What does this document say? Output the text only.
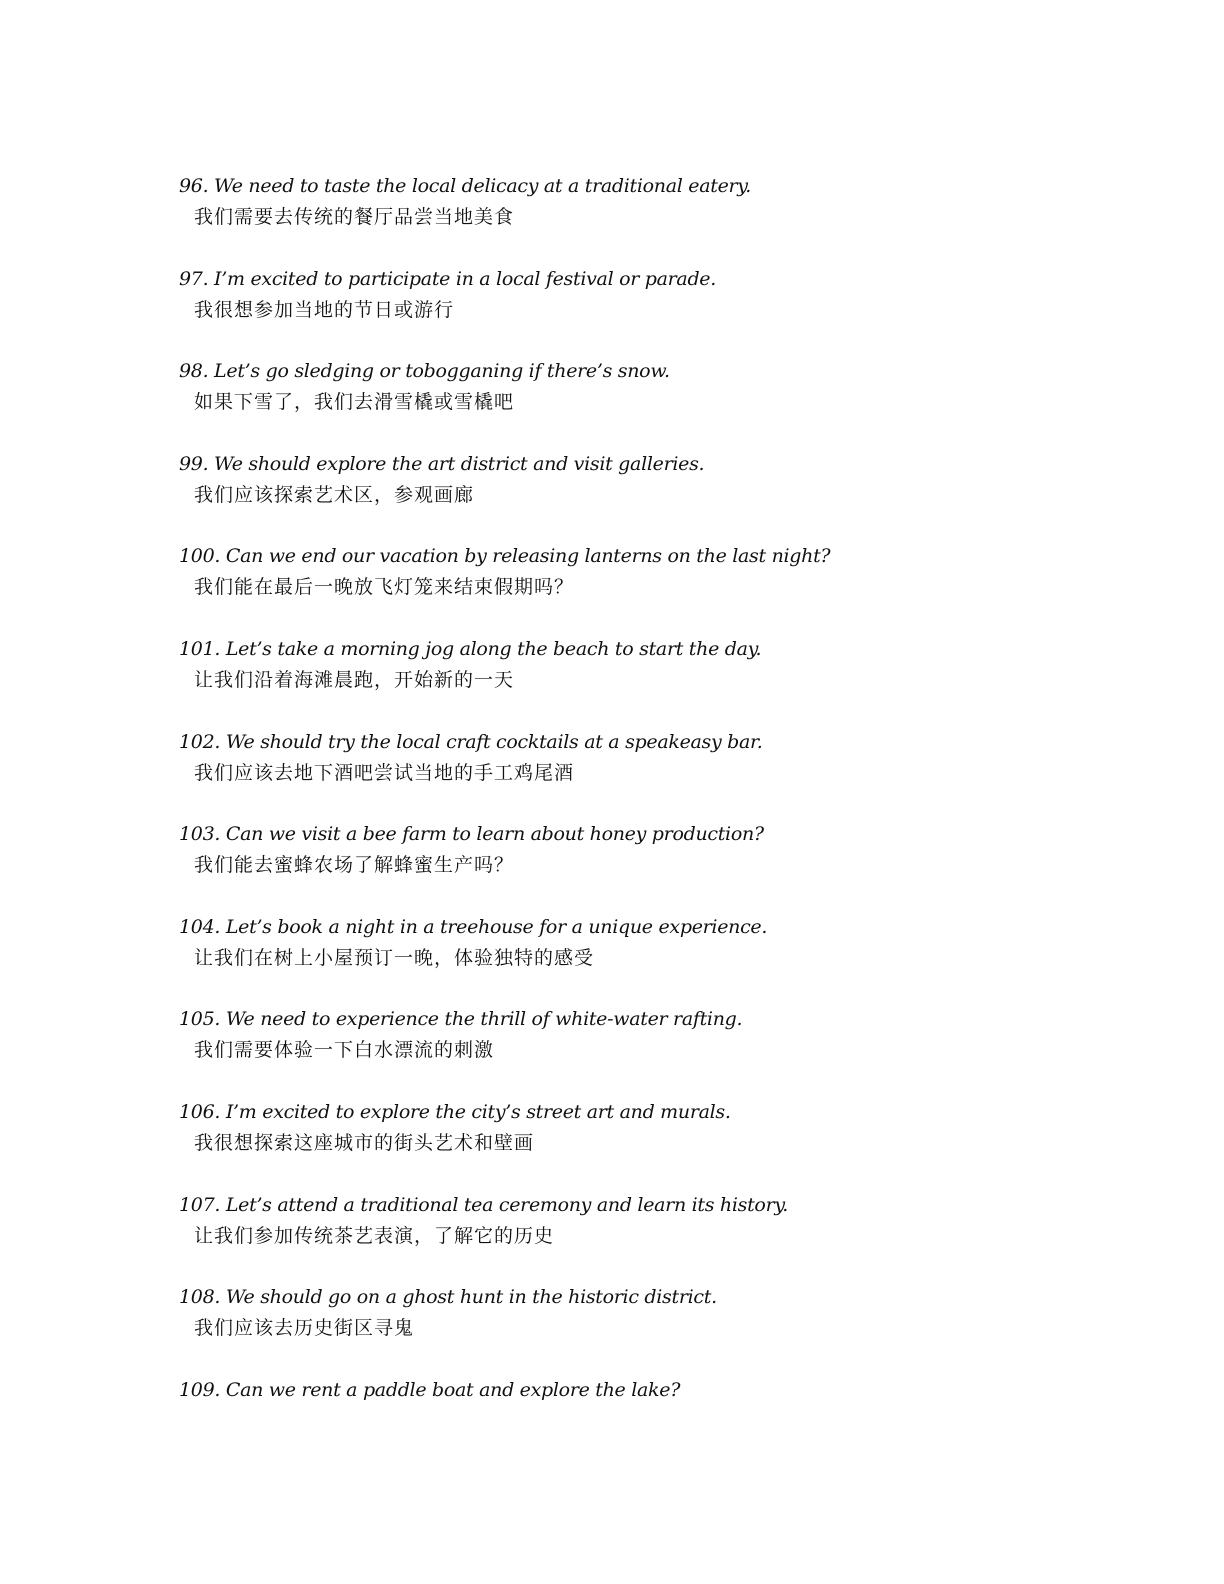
96. We need to taste the local delicacy at a traditional eatery.
我们需要去传统的餐厅品尝当地美食
97. I’m excited to participate in a local festival or parade.
我很想参加当地的节日或游行
98. Let’s go sledging or tobogganing if there’s snow.
如果下雪了，我们去滑雪橇或雪橇吧
99. We should explore the art district and visit galleries.
我们应该探索艺术区，参观画廊
100. Can we end our vacation by releasing lanterns on the last night?
我们能在最后一晚放飞灯笼来结束假期吗？
101. Let’s take a morning jog along the beach to start the day.
让我们沿着海滩晨跑，开始新的一天
102. We should try the local craft cocktails at a speakeasy bar.
我们应该去地下酒吧尝试当地的手工鸡尾酒
103. Can we visit a bee farm to learn about honey production?
我们能去蜜蜂农场了解蜂蜜生产吗？
104. Let’s book a night in a treehouse for a unique experience.
让我们在树上小屋预订一晚，体验独特的感受
105. We need to experience the thrill of white-water rafting.
我们需要体验一下白水漂流的刺激
106. I’m excited to explore the city’s street art and murals.
我很想探索这座城市的街头艺术和壁画
107. Let’s attend a traditional tea ceremony and learn its history.
让我们参加传统茶艺表演，了解它的历史
108. We should go on a ghost hunt in the historic district.
我们应该去历史街区寻鬼
109. Can we rent a paddle boat and explore the lake?
